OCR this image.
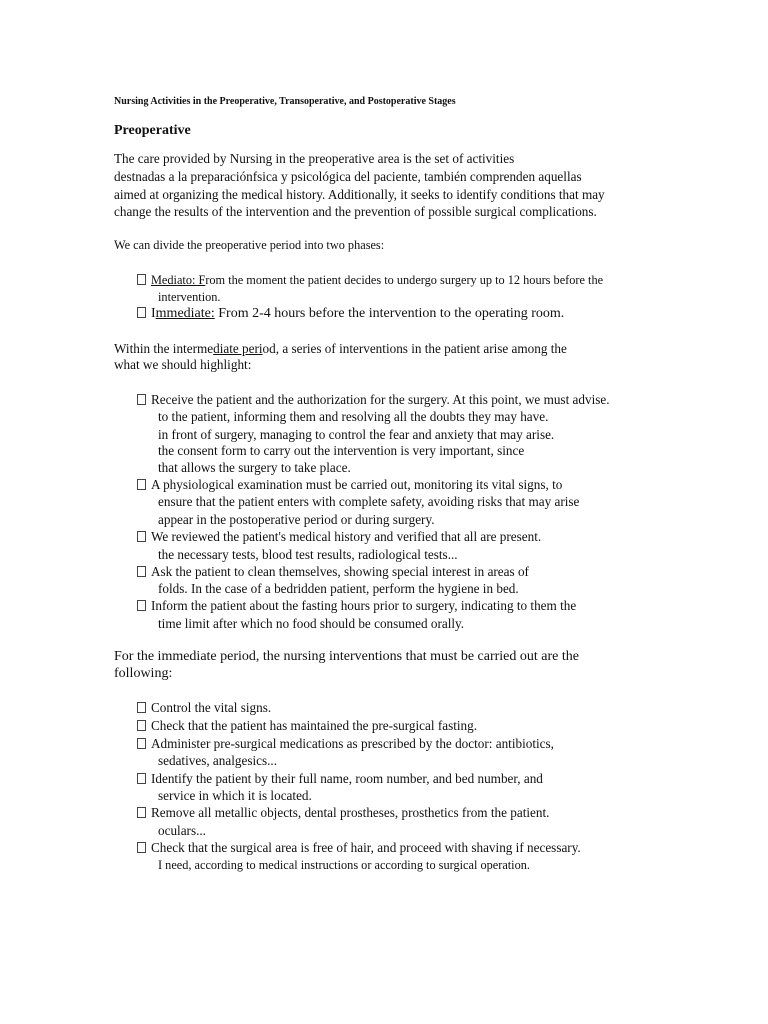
Nursing Activities in the Preoperative, Transoperative, and Postoperative Stages
Preoperative
The care provided by Nursing in the preoperative area is the set of activities
destnadas a la preparaciónfsica y psicológica del paciente, también comprenden aquellas
aimed at organizing the medical history. Additionally, it seeks to identify conditions that may
change the results of the intervention and the prevention of possible surgical complications.
We can divide the preoperative period into two phases:
Mediato: From the moment the patient decides to undergo surgery up to 12 hours before the
intervention.
Immediate: From 2-4 hours before the intervention to the operating room.
Within the intermediate period, a series of interventions in the patient arise among the
what we should highlight:
Receive the patient and the authorization for the surgery. At this point, we must advise.
to the patient, informing them and resolving all the doubts they may have.
in front of surgery, managing to control the fear and anxiety that may arise.
the consent form to carry out the intervention is very important, since
that allows the surgery to take place.
A physiological examination must be carried out, monitoring its vital signs, to
ensure that the patient enters with complete safety, avoiding risks that may arise
appear in the postoperative period or during surgery.
We reviewed the patient's medical history and verified that all are present.
the necessary tests, blood test results, radiological tests...
Ask the patient to clean themselves, showing special interest in areas of
folds. In the case of a bedridden patient, perform the hygiene in bed.
Inform the patient about the fasting hours prior to surgery, indicating to them the
time limit after which no food should be consumed orally.
For the immediate period, the nursing interventions that must be carried out are the
following:
Control the vital signs.
Check that the patient has maintained the pre-surgical fasting.
Administer pre-surgical medications as prescribed by the doctor: antibiotics,
sedatives, analgesics...
Identify the patient by their full name, room number, and bed number, and
service in which it is located.
Remove all metallic objects, dental prostheses, prosthetics from the patient.
oculars...
Check that the surgical area is free of hair, and proceed with shaving if necessary.
I need, according to medical instructions or according to surgical operation.
